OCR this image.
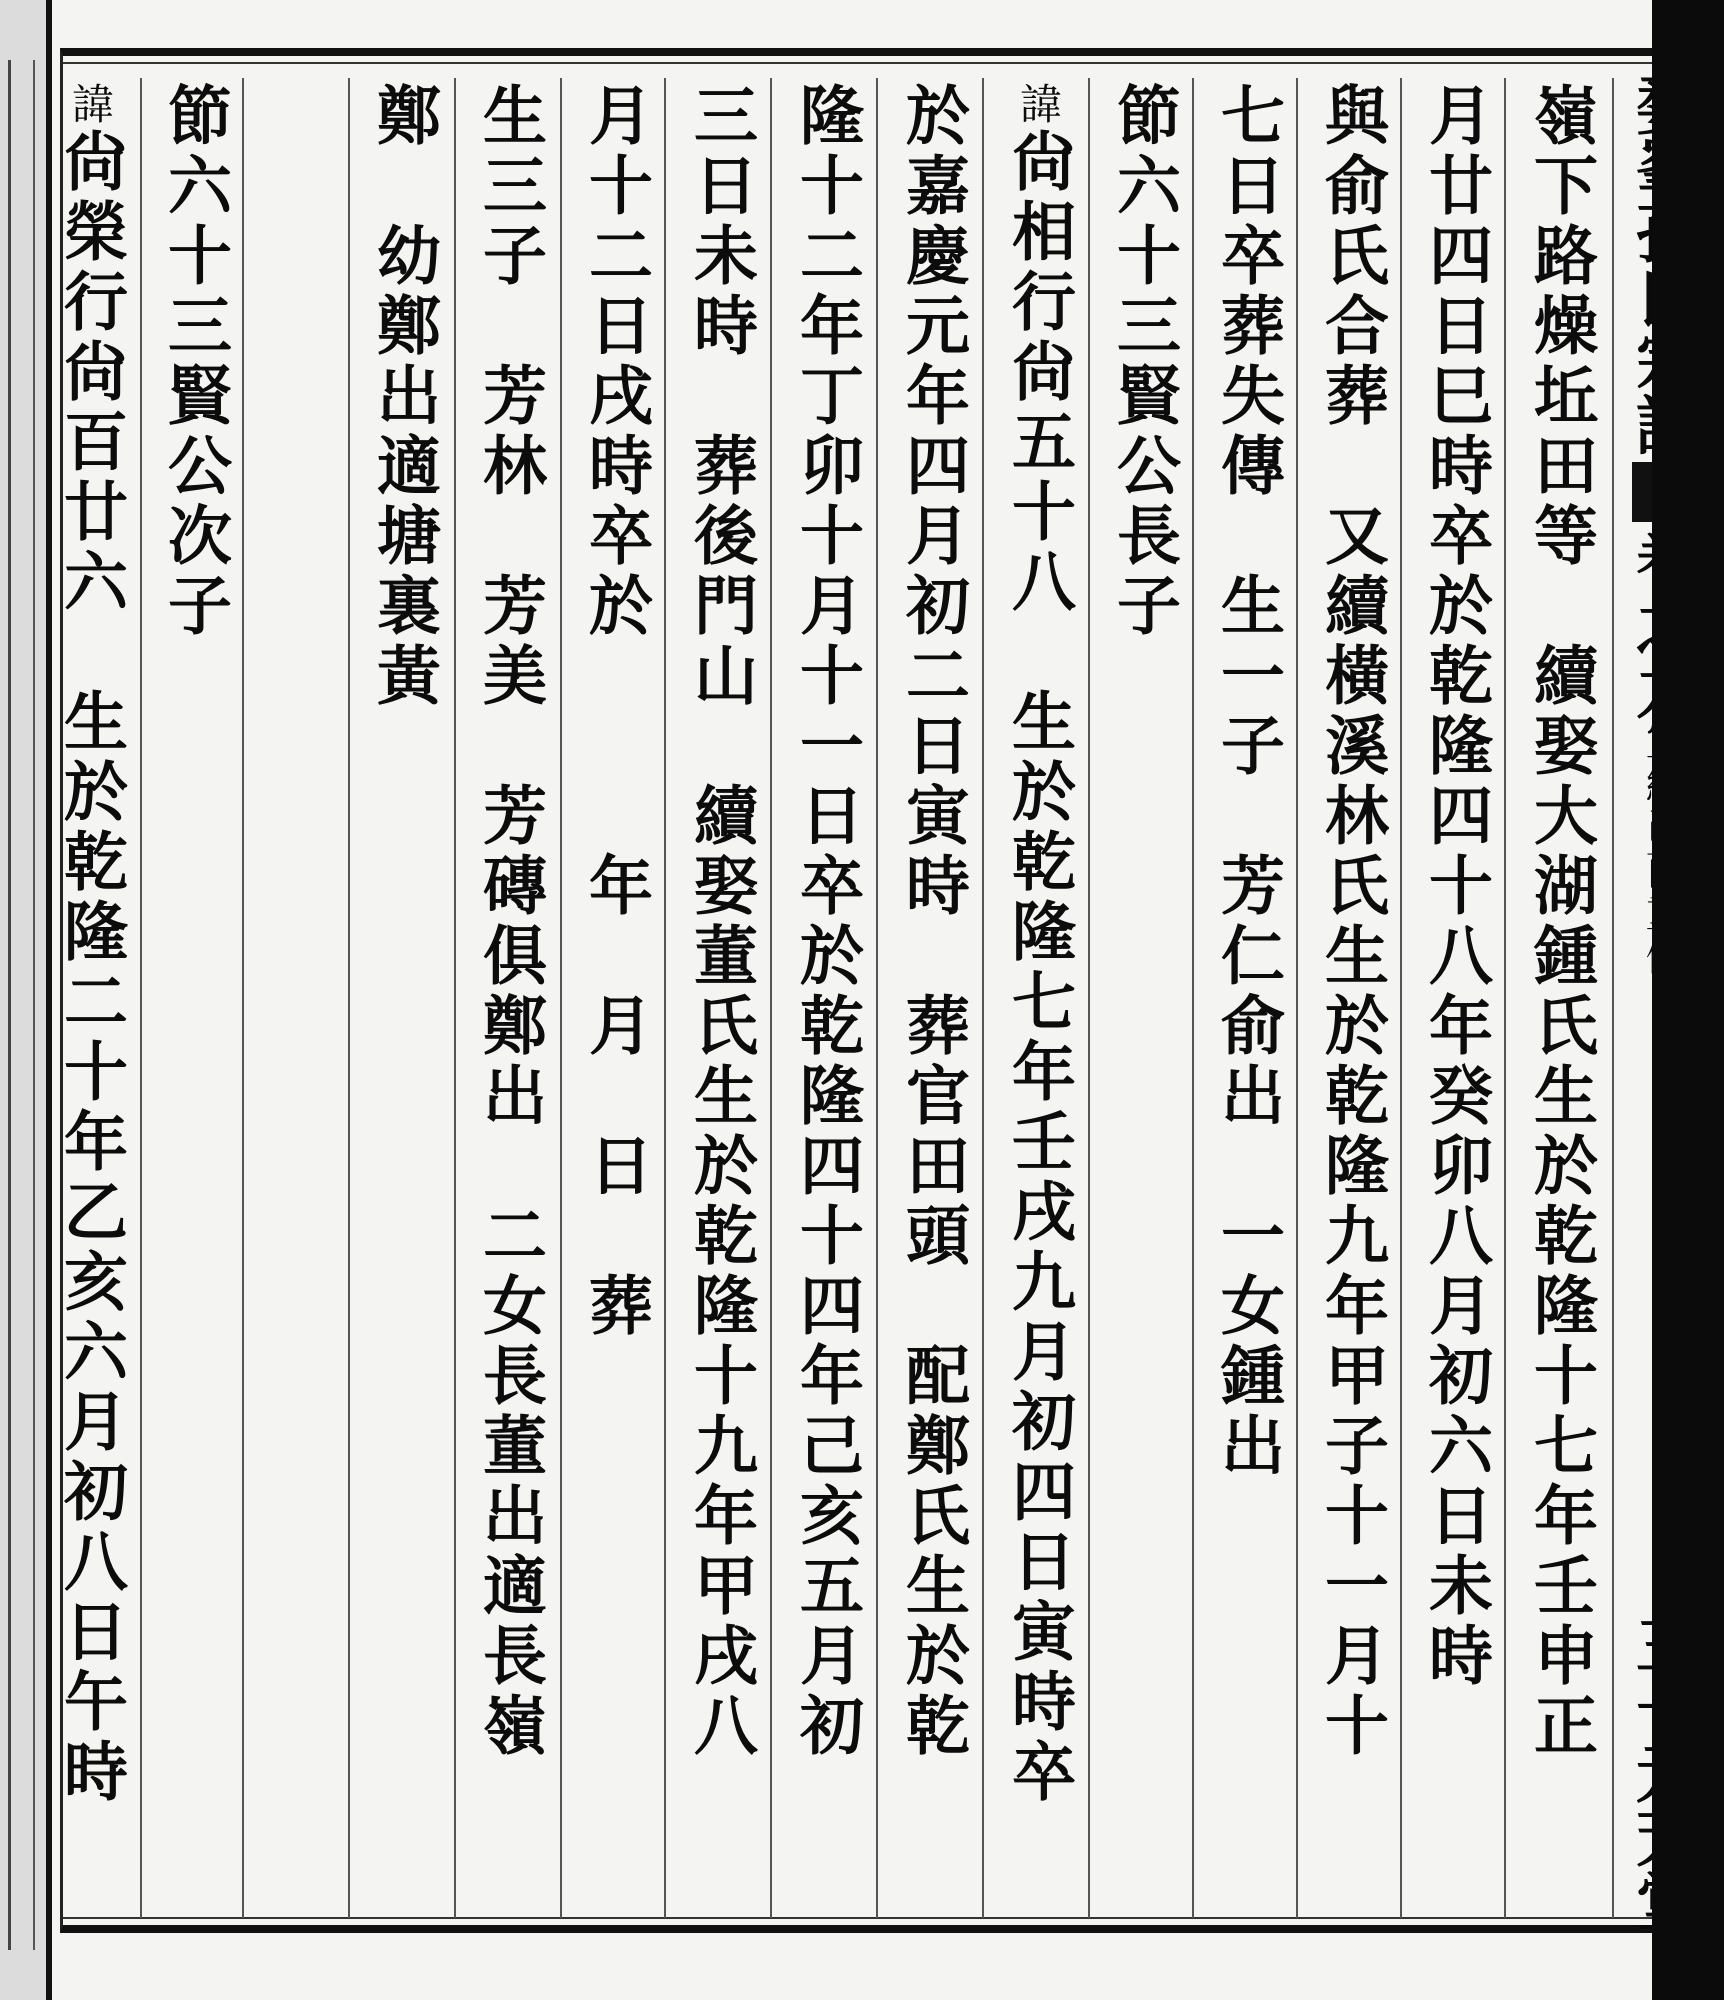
嶺下路燥坵田等　續娶大湖鍾氏生於乾隆十七年壬申正
月廿四日巳時卒於乾隆四十八年癸卯八月初六日未時
與俞氏合葬　又續橫溪林氏生於乾隆九年甲子十一月十
七日卒葬失傳　生一子　芳仁俞出　一女鍾出
節六十三賢公長子
諱尙相行尙五十八　生於乾隆七年壬戌九月初四日寅時卒
於嘉慶元年四月初二日寅時　葬官田頭　配鄭氏生於乾
隆十二年丁卯十月十一日卒於乾隆四十四年己亥五月初
三日未時　葬後門山　續娶董氏生於乾隆十九年甲戌八
月十二日戌時卒於　　　年　月　日　葬
生三子　芳林　芳美　芳磚俱鄭出　二女長董出適長嶺
鄭　幼鄭出適塘裏黃
節六十三賢公次子
諱尙榮行尙百廿六　生於乾隆二十年乙亥六月初八日午時
